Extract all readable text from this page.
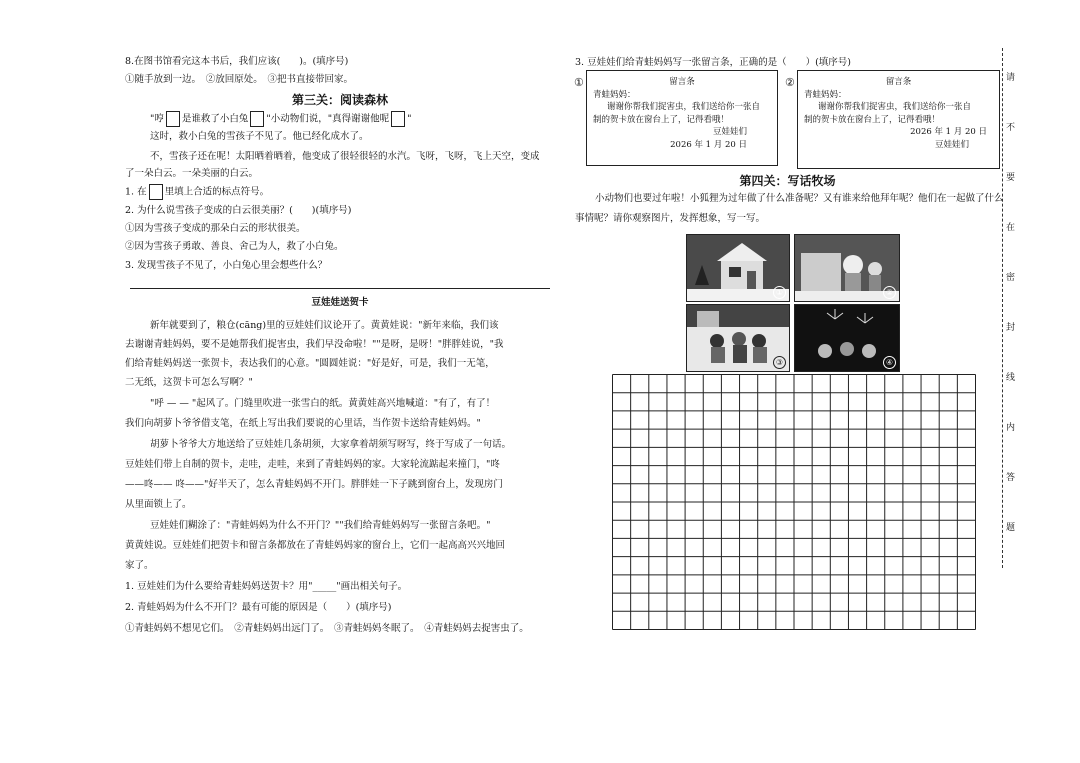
8.在图书馆看完这本书后，我们应该(　　)。(填序号)
①随手放到一边。　②放回原处。　③把书直接带回家。
第三关：阅读森林
"哼 是谁救了小白兔 "小动物们说，"真得谢谢他呢 "
这时，救小白兔的雪孩子不见了。他已经化成水了。
不，雪孩子还在呢！太阳晒着晒着，他变成了很轻很轻的水汽。飞呀，飞呀，飞上天空，变成
了一朵白云。一朵美丽的白云。
1. 在 里填上合适的标点符号。
2. 为什么说雪孩子变成的白云很美丽？(　　)(填序号)
①因为雪孩子变成的那朵白云的形状很美。
②因为雪孩子勇敢、善良、舍己为人，救了小白兔。
3. 发现雪孩子不见了，小白兔心里会想些什么？
豆娃娃送贺卡
新年就要到了，粮仓(cāng)里的豆娃娃们议论开了。黄黄娃说："新年来临，我们该
去谢谢青蛙妈妈，要不是她帮我们捉害虫，我们早没命啦！""是呀，是呀！"胖胖娃说，"我
们给青蛙妈妈送一张贺卡，表达我们的心意。"圆圆娃说："好是好，可是，我们一无笔，
二无纸，这贺卡可怎么写啊？"
"呼 — — "起风了。门缝里吹进一张雪白的纸。黄黄娃高兴地喊道："有了，有了！
我们向胡萝卜爷爷借支笔，在纸上写出我们要说的心里话，当作贺卡送给青蛙妈妈。"
胡萝卜爷爷大方地送给了豆娃娃几条胡须，大家拿着胡须写呀写，终于写成了一句话。
豆娃娃们带上自制的贺卡，走哇，走哇，来到了青蛙妈妈的家。大家轮流踮起来撞门，"咚
——咚—— 咚——"好半天了，怎么青蛙妈妈不开门。胖胖娃一下子跳到窗台上，发现房门
从里面锁上了。
豆娃娃们糊涂了："青蛙妈妈为什么不开门？""我们给青蛙妈妈写一张留言条吧。"
黄黄娃说。豆娃娃们把贺卡和留言条都放在了青蛙妈妈家的窗台上，它们一起高高兴兴地回
家了。
1. 豆娃娃们为什么要给青蛙妈妈送贺卡？用"_____"画出相关句子。
2. 青蛙妈妈为什么不开门？最有可能的原因是（　　）(填序号)
①青蛙妈妈不想见它们。　②青蛙妈妈出远门了。　③青蛙妈妈冬眠了。　④青蛙妈妈去捉害虫了。
3. 豆娃娃们给青蛙妈妈写一张留言条，正确的是（　　）(填序号)
①	留言条
青蛙妈妈：
谢谢你帮我们捉害虫，我们送给你一张自
制的贺卡放在窗台上了，记得看哦！
豆娃娃们
2026 年 1 月 20 日
②	留言条
青蛙妈妈：
谢谢你帮我们捉害虫，我们送给你一张自
制的贺卡放在窗台上了，记得看哦！
2026 年 1 月 20 日
豆娃娃们
第四关：写话牧场
小动物们也要过年啦！小狐狸为过年做了什么准备呢？又有谁来给他拜年呢？他们在一起做了什么
事情呢？请你观察图片，发挥想象，写一写。
①	②
③	④
请
不
要
在
密
封
线
内
答
题
